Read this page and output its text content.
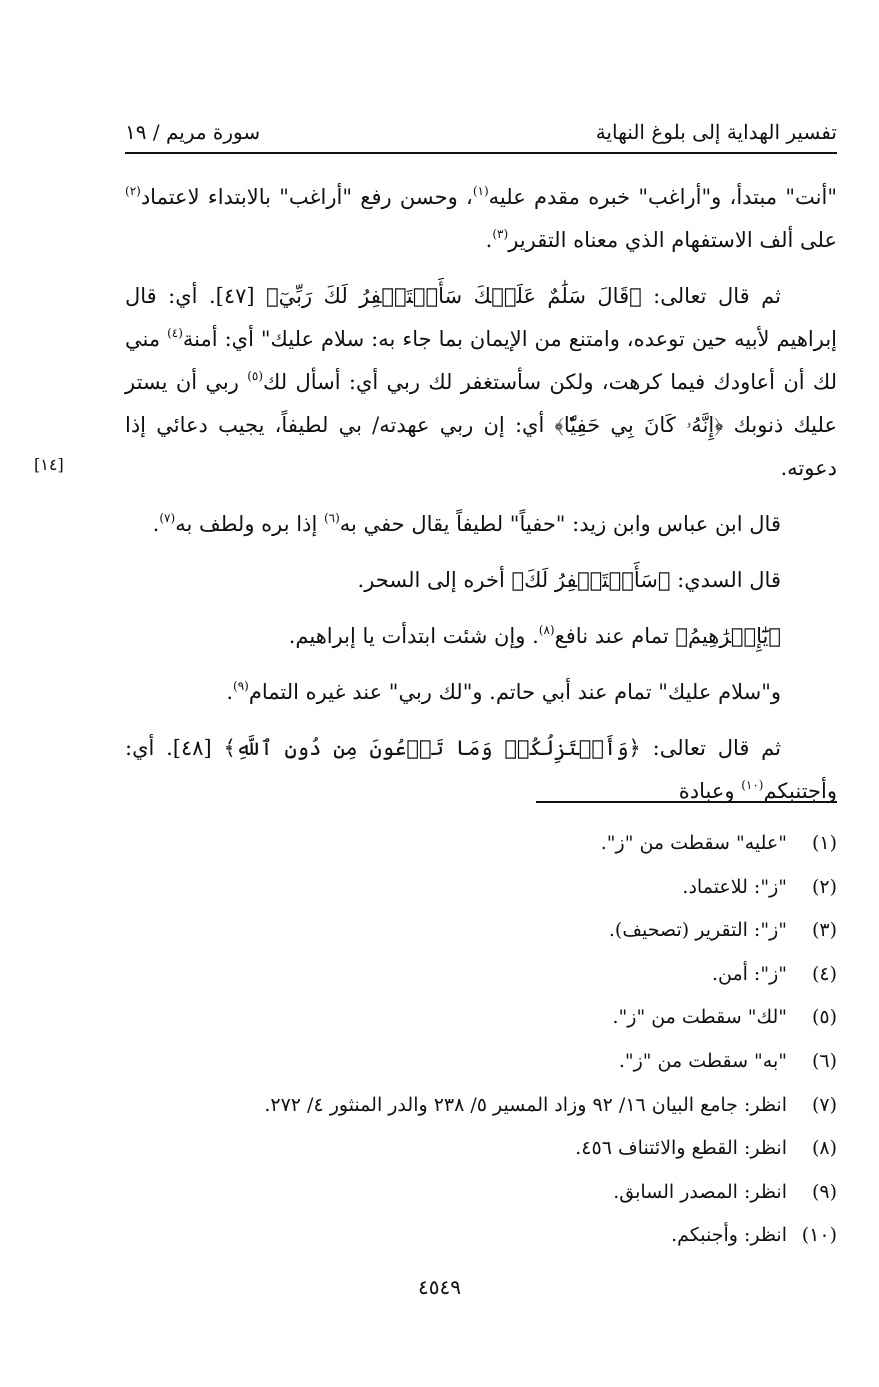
تفسير الهداية إلى بلوغ النهاية
سورة مريم / ١٩
[١٤]

"أنت" مبتدأ، و"أراغب" خبره مقدم عليه$^{(١)}$، وحسن رفع "أراغب" بالابتداء لاعتماد$^{(٢)}$ على ألف الاستفهام الذي معناه التقرير$^{(٣)}$.

ثم قال تعالى: ﴿قَالَ سَلَٰمٌ عَلَيۡكَ سَأَسۡتَغۡفِرُ لَكَ رَبِّيٓ﴾ [٤٧]. أي: قال إبراهيم لأبيه حين توعده، وامتنع من الإيمان بما جاء به: سلام عليك" أي: أمنة$^{(٤)}$ مني لك أن أعاودك فيما كرهت، ولكن سأستغفر لك ربي أي: أسأل لك$^{(٥)}$ ربي أن يستر عليك ذنوبك ﴿إِنَّهُۥ كَانَ بِي حَفِيّٗا﴾ أي: إن ربي عهدته/ بي لطيفاً، يجيب دعائي إذا دعوته.

قال ابن عباس وابن زيد: "حفياً" لطيفاً يقال حفي به$^{(٦)}$ إذا بره ولطف به$^{(٧)}$.

قال السدي: ﴿سَأَسۡتَغۡفِرُ لَكَ﴾ أخره إلى السحر.

﴿يَٰٓإِبۡرَٰهِيمُ﴾ تمام عند نافع$^{(٨)}$. وإن شئت ابتدأت يا إبراهيم.

و"سلام عليك" تمام عند أبي حاتم. و"لك ربي" عند غيره التمام$^{(٩)}$.

ثم قال تعالى: ﴿وَأَعۡتَزِلُكُمۡ وَمَا تَدۡعُونَ مِن دُونِ ٱللَّهِ﴾ [٤٨]. أي: وأجتنبكم$^{(١٠)}$ وعبادة

(١)
"عليه" سقطت من "ز".
(٢)
"ز": للاعتماد.
(٣)
"ز": التقرير (تصحيف).
(٤)
"ز": أمن.
(٥)
"لك" سقطت من "ز".
(٦)
"به" سقطت من "ز".
(٧)
انظر: جامع البيان ١٦/ ٩٢ وزاد المسير ٥/ ٢٣٨ والدر المنثور ٤/ ٢٧٢.
(٨)
انظر: القطع والائتناف ٤٥٦.
(٩)
انظر: المصدر السابق.
(١٠)
انظر: وأجنبكم.
٤٥٤٩
